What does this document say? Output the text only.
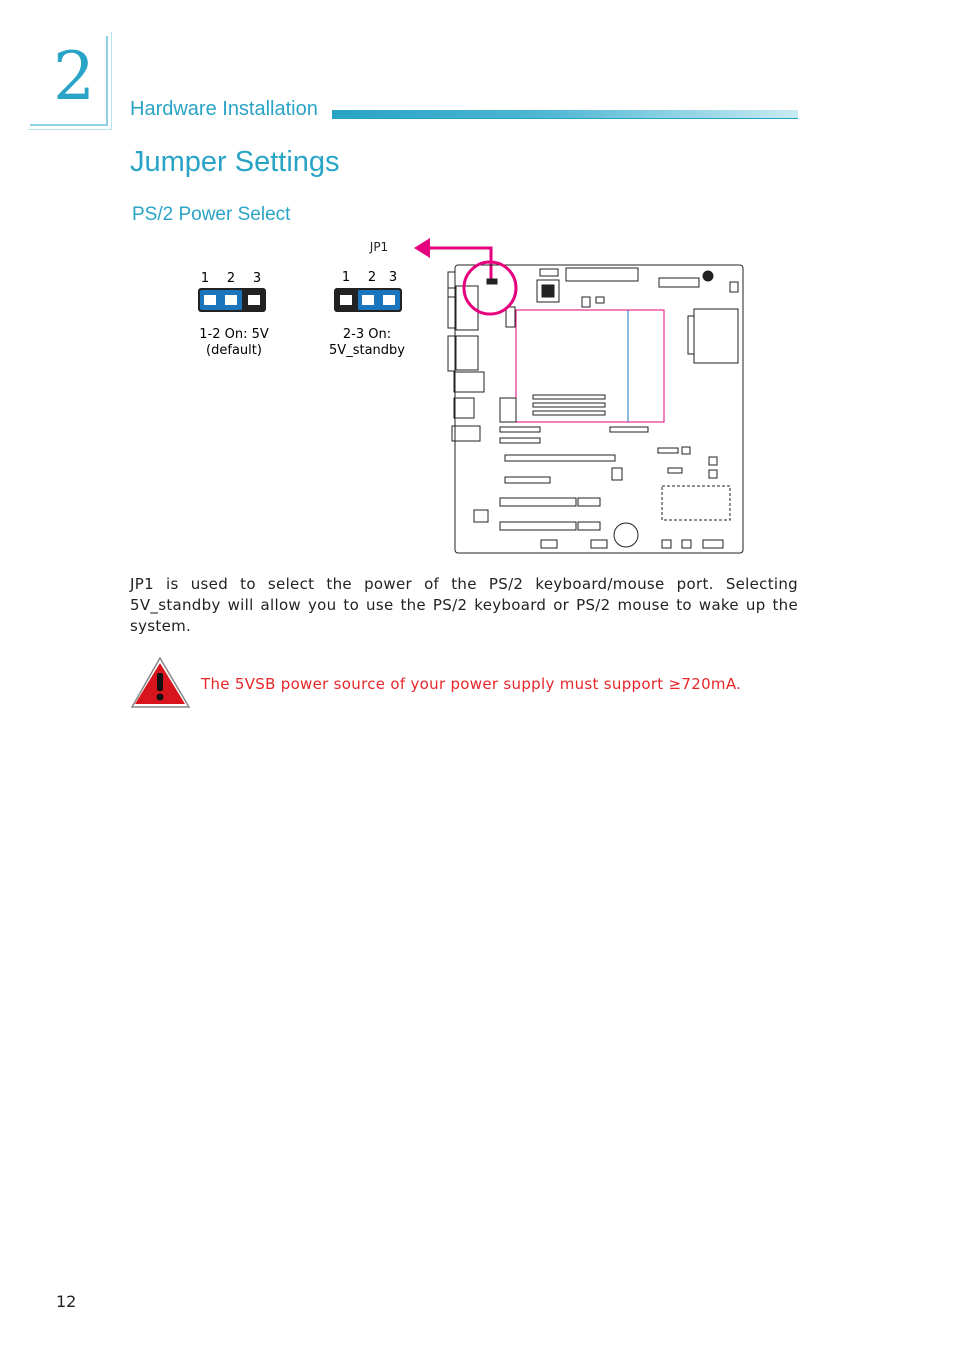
2	Hardware Installation
Jumper Settings
PS/2 Power Select
JP1
1 2 3
1-2 On: 5V
(default)
1 2 3
2-3 On:
5V_standby

JP1 is used to select the power of the PS/2 keyboard/mouse port. Selecting 5V_standby will allow you to use the PS/2 keyboard or PS/2 mouse to wake up the system.

The 5VSB power source of your power supply must support ≥720mA.
12
